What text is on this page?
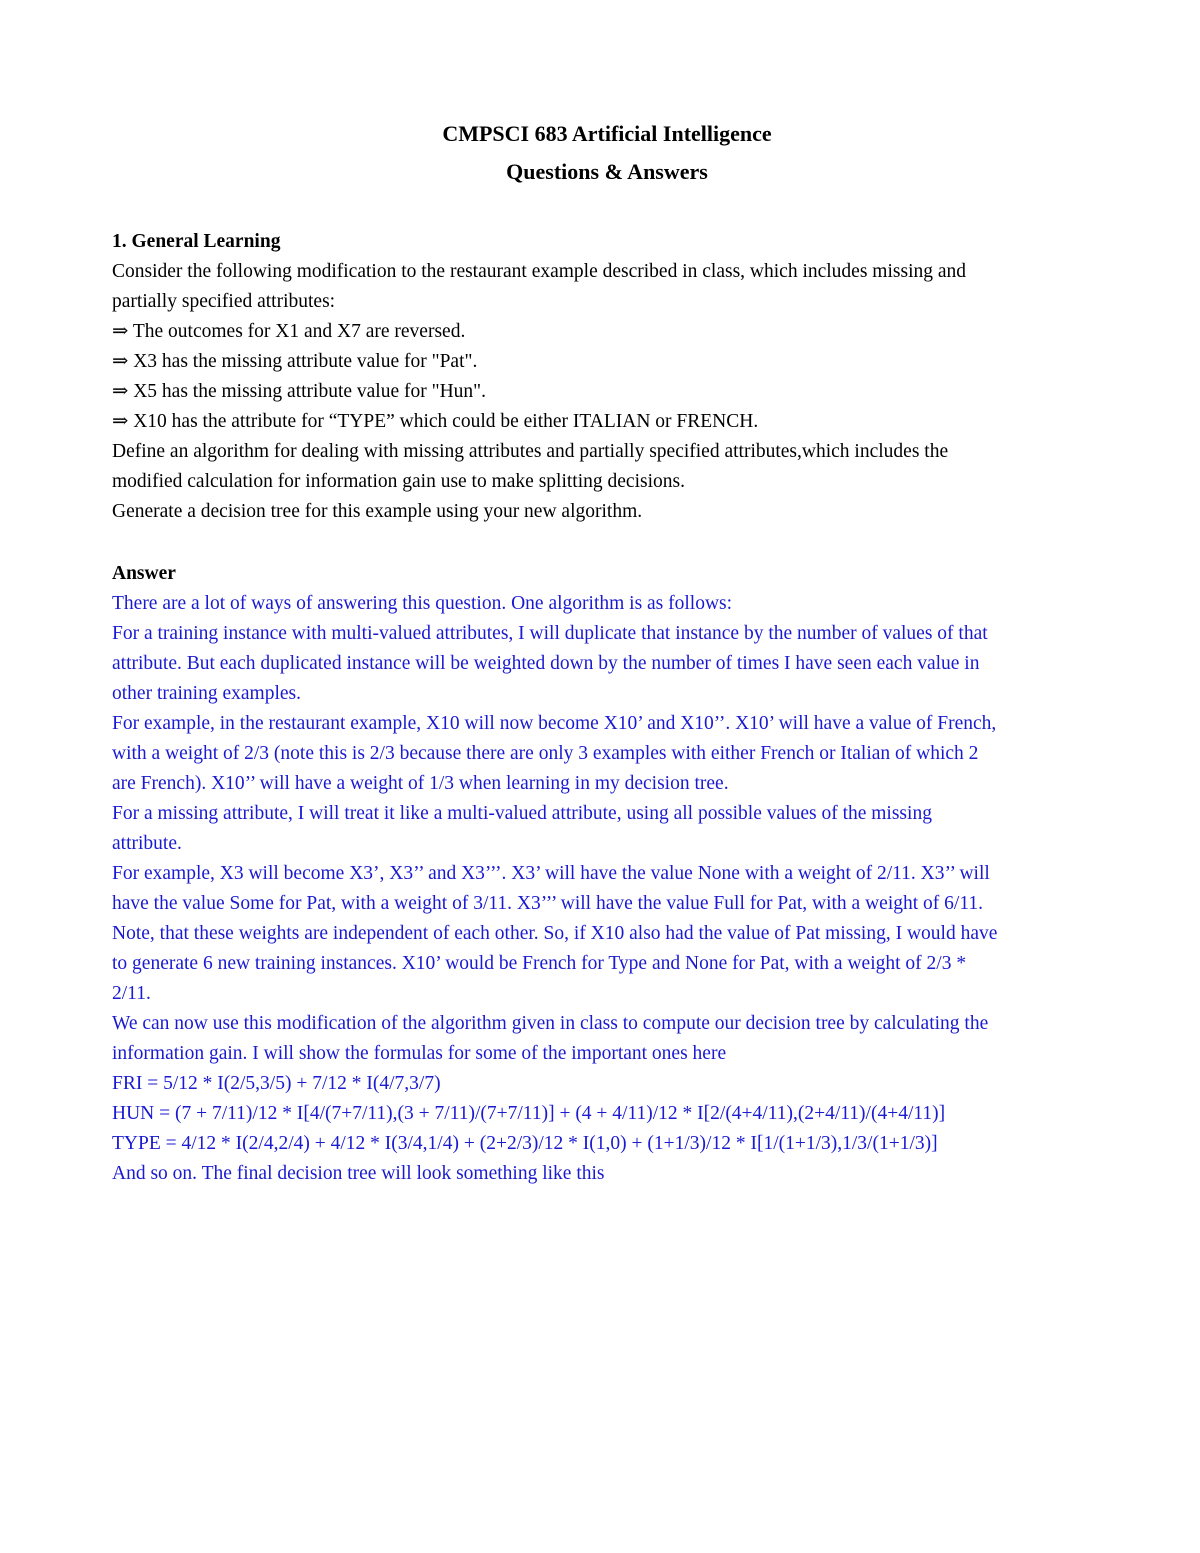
CMPSCI 683 Artificial Intelligence
Questions & Answers
1. General Learning
Consider the following modification to the restaurant example described in class, which includes missing and
partially specified attributes:
⇒ The outcomes for X1 and X7 are reversed.
⇒ X3 has the missing attribute value for "Pat".
⇒ X5 has the missing attribute value for "Hun".
⇒ X10 has the attribute for “TYPE” which could be either ITALIAN or FRENCH.
Define an algorithm for dealing with missing attributes and partially specified attributes,which includes the
modified calculation for information gain use to make splitting decisions.
Generate a decision tree for this example using your new algorithm.
Answer
There are a lot of ways of answering this question. One algorithm is as follows:
For a training instance with multi-valued attributes, I will duplicate that instance by the number of values of that
attribute. But each duplicated instance will be weighted down by the number of times I have seen each value in
other training examples.
For example, in the restaurant example, X10 will now become X10’ and X10’’. X10’ will have a value of French,
with a weight of 2/3 (note this is 2/3 because there are only 3 examples with either French or Italian of which 2
are French). X10’’ will have a weight of 1/3 when learning in my decision tree.
For a missing attribute, I will treat it like a multi-valued attribute, using all possible values of the missing
attribute.
For example, X3 will become X3’, X3’’ and X3’’’. X3’ will have the value None with a weight of 2/11. X3’’ will
have the value Some for Pat, with a weight of 3/11. X3’’’ will have the value Full for Pat, with a weight of 6/11.
Note, that these weights are independent of each other. So, if X10 also had the value of Pat missing, I would have
to generate 6 new training instances. X10’ would be French for Type and None for Pat, with a weight of 2/3 *
2/11.
We can now use this modification of the algorithm given in class to compute our decision tree by calculating the
information gain. I will show the formulas for some of the important ones here
FRI = 5/12 * I(2/5,3/5) + 7/12 * I(4/7,3/7)
HUN = (7 + 7/11)/12 * I[4/(7+7/11),(3 + 7/11)/(7+7/11)] + (4 + 4/11)/12 * I[2/(4+4/11),(2+4/11)/(4+4/11)]
TYPE = 4/12 * I(2/4,2/4) + 4/12 * I(3/4,1/4) + (2+2/3)/12 * I(1,0) + (1+1/3)/12 * I[1/(1+1/3),1/3/(1+1/3)]
And so on. The final decision tree will look something like this
